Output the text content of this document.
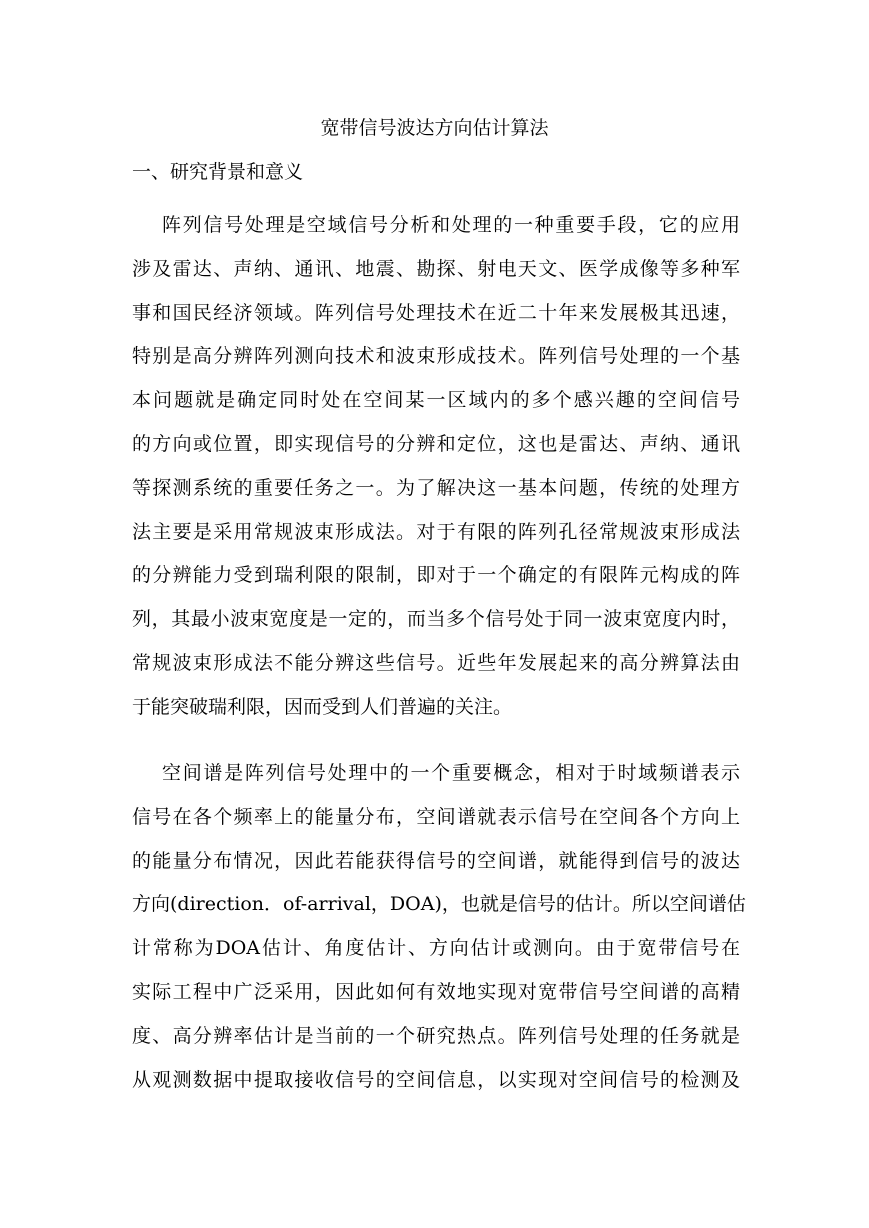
宽带信号波达方向估计算法
一、研究背景和意义
阵列信号处理是空域信号分析和处理的一种重要手段，它的应用
涉及雷达、声纳、通讯、地震、勘探、射电天文、医学成像等多种军
事和国民经济领域。阵列信号处理技术在近二十年来发展极其迅速，
特别是高分辨阵列测向技术和波束形成技术。阵列信号处理的一个基
本问题就是确定同时处在空间某一区域内的多个感兴趣的空间信号
的方向或位置，即实现信号的分辨和定位，这也是雷达、声纳、通讯
等探测系统的重要任务之一。为了解决这一基本问题，传统的处理方
法主要是采用常规波束形成法。对于有限的阵列孔径常规波束形成法
的分辨能力受到瑞利限的限制，即对于一个确定的有限阵元构成的阵
列，其最小波束宽度是一定的，而当多个信号处于同一波束宽度内时，
常规波束形成法不能分辨这些信号。近些年发展起来的高分辨算法由
于能突破瑞利限，因而受到人们普遍的关注。
空间谱是阵列信号处理中的一个重要概念，相对于时域频谱表示
信号在各个频率上的能量分布，空间谱就表示信号在空间各个方向上
的能量分布情况，因此若能获得信号的空间谱，就能得到信号的波达
方向(direction．of-arrival，DOA)，也就是信号的估计。所以空间谱估
计常称为DOA估计、角度估计、方向估计或测向。由于宽带信号在
实际工程中广泛采用，因此如何有效地实现对宽带信号空间谱的高精
度、高分辨率估计是当前的一个研究热点。阵列信号处理的任务就是
从观测数据中提取接收信号的空间信息，以实现对空间信号的检测及
